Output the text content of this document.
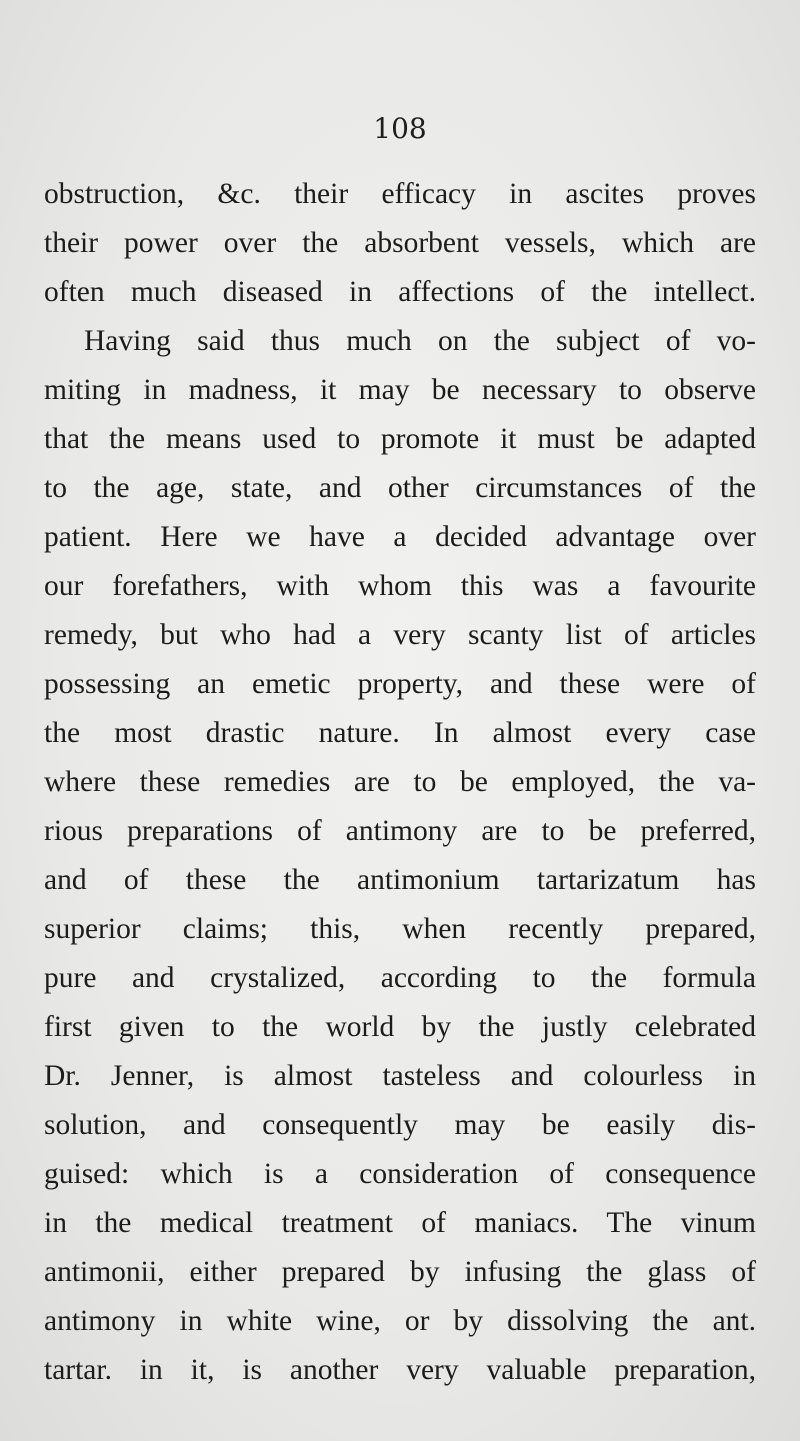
108
obstruction, &c. their efficacy in ascites proves
their power over the absorbent vessels, which are
often much diseased in affections of the intellect.
Having said thus much on the subject of vo-
miting in madness, it may be necessary to observe
that the means used to promote it must be adapted
to the age, state, and other circumstances of the
patient. Here we have a decided advantage over
our forefathers, with whom this was a favourite
remedy, but who had a very scanty list of articles
possessing an emetic property, and these were of
the most drastic nature. In almost every case
where these remedies are to be employed, the va-
rious preparations of antimony are to be preferred,
and of these the antimonium tartarizatum has
superior claims; this, when recently prepared,
pure and crystalized, according to the formula
first given to the world by the justly celebrated
Dr. Jenner, is almost tasteless and colourless in
solution, and consequently may be easily dis-
guised: which is a consideration of consequence
in the medical treatment of maniacs. The vinum
antimonii, either prepared by infusing the glass of
antimony in white wine, or by dissolving the ant.
tartar. in it, is another very valuable preparation,
